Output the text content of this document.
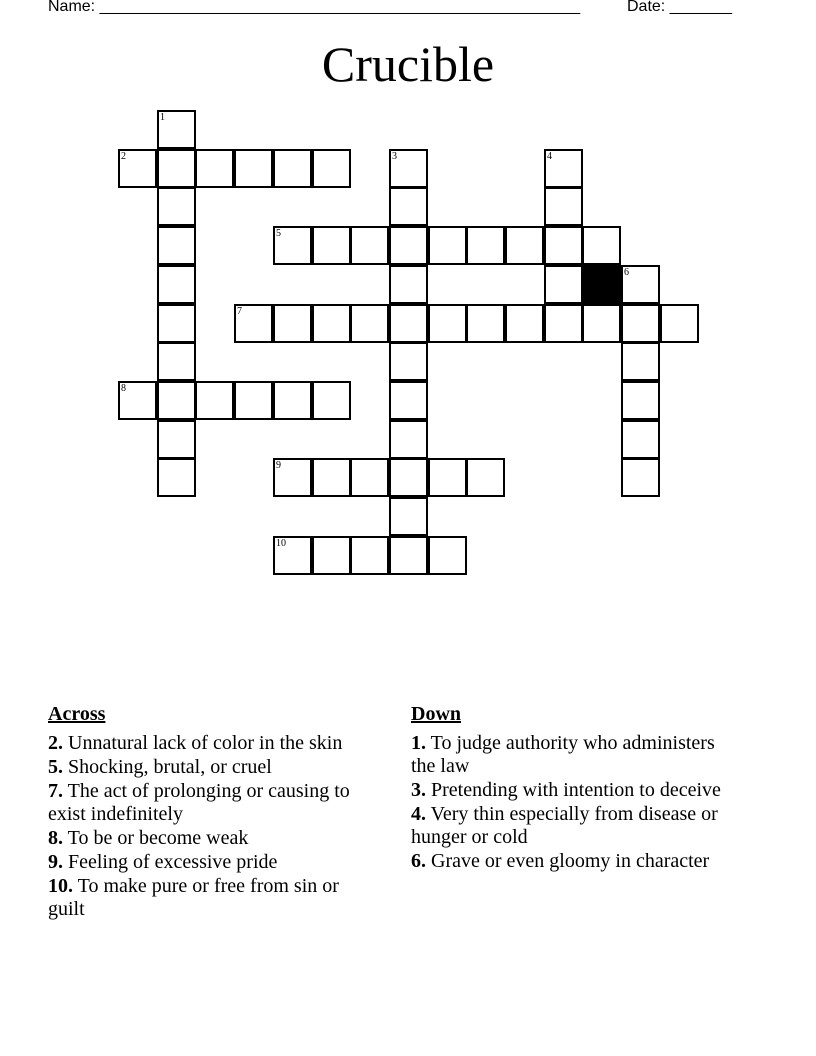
Name: ______________________________________________________	Date: _______
Crucible
1
2	3	4
5
6
7
8
9
10
Across
2. Unnatural lack of color in the skin
5. Shocking, brutal, or cruel
7. The act of prolonging or causing to exist indefinitely
8. To be or become weak
9. Feeling of excessive pride
10. To make pure or free from sin or guilt
Down
1. To judge authority who administers the law
3. Pretending with intention to deceive
4. Very thin especially from disease or hunger or cold
6. Grave or even gloomy in character
